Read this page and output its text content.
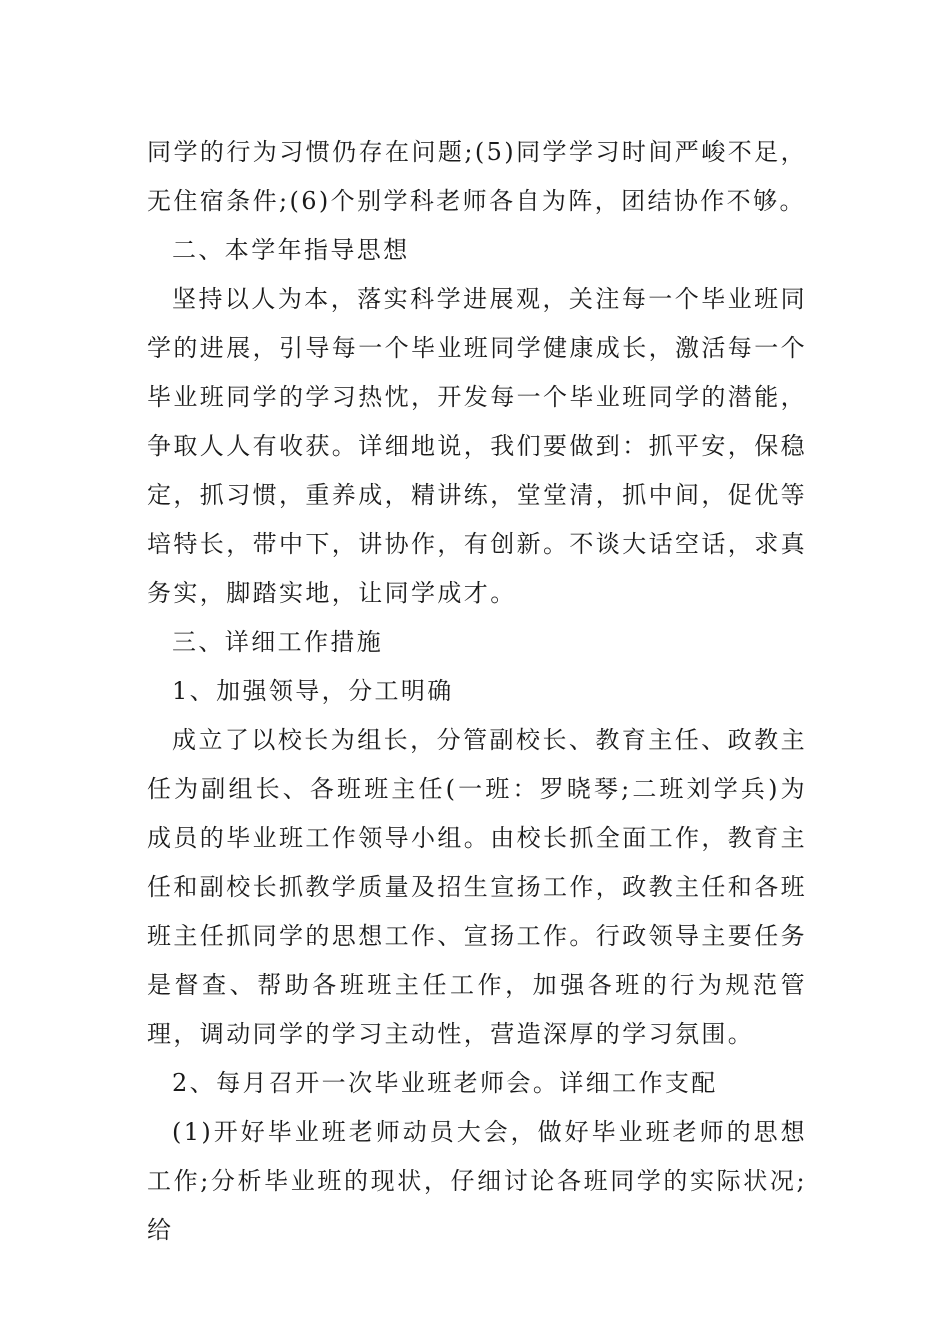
同学的行为习惯仍存在问题;(5)同学学习时间严峻不足，无住宿条件;(6)个别学科老师各自为阵，团结协作不够。

二、本学年指导思想

坚持以人为本，落实科学进展观，关注每一个毕业班同学的进展，引导每一个毕业班同学健康成长，激活每一个毕业班同学的学习热忱，开发每一个毕业班同学的潜能，争取人人有收获。详细地说，我们要做到：抓平安，保稳定，抓习惯，重养成，精讲练，堂堂清，抓中间，促优等培特长，带中下，讲协作，有创新。不谈大话空话，求真务实，脚踏实地，让同学成才。

三、详细工作措施

1、加强领导，分工明确

成立了以校长为组长，分管副校长、教育主任、政教主任为副组长、各班班主任(一班：罗晓琴;二班刘学兵)为成员的毕业班工作领导小组。由校长抓全面工作，教育主任和副校长抓教学质量及招生宣扬工作，政教主任和各班班主任抓同学的思想工作、宣扬工作。行政领导主要任务是督查、帮助各班班主任工作，加强各班的行为规范管理，调动同学的学习主动性，营造深厚的学习氛围。

2、每月召开一次毕业班老师会。详细工作支配

(1)开好毕业班老师动员大会，做好毕业班老师的思想工作;分析毕业班的现状，仔细讨论各班同学的实际状况;给
